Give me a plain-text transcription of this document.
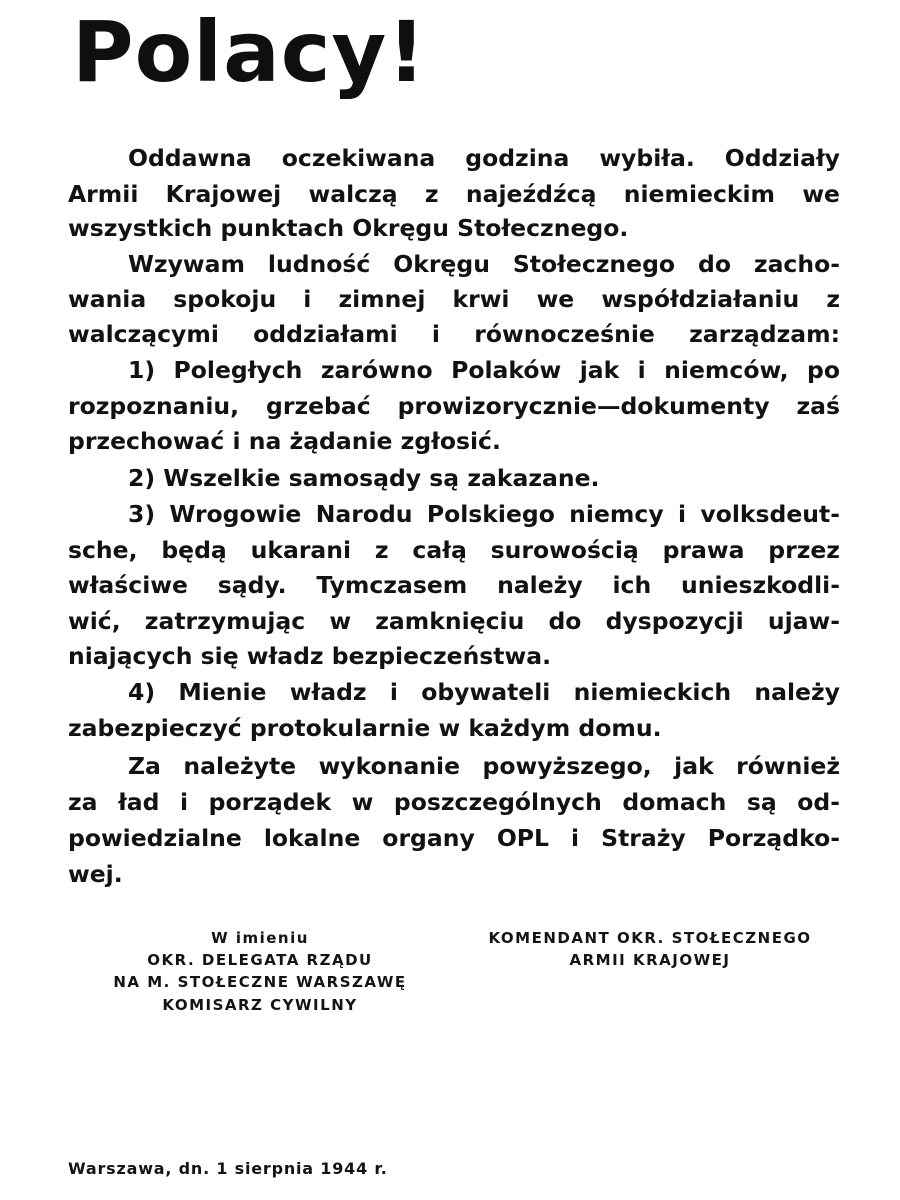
Polacy!
Oddawna oczekiwana godzina wybiła. Oddziały
Armii Krajowej walczą z najeźdźcą niemieckim we
wszystkich punktach Okręgu Stołecznego.
Wzywam ludność Okręgu Stołecznego do zacho-
wania spokoju i zimnej krwi we współdziałaniu z
walczącymi oddziałami i równocześnie zarządzam:
1) Poległych zarówno Polaków jak i niemców, po
rozpoznaniu, grzebać prowizorycznie—dokumenty zaś
przechować i na żądanie zgłosić.
2) Wszelkie samosądy są zakazane.
3) Wrogowie Narodu Polskiego niemcy i volksdeut-
sche, będą ukarani z całą surowością prawa przez
właściwe sądy. Tymczasem należy ich unieszkodli-
wić, zatrzymując w zamknięciu do dyspozycji ujaw-
niających się władz bezpieczeństwa.
4) Mienie władz i obywateli niemieckich należy
zabezpieczyć protokularnie w każdym domu.
Za należyte wykonanie powyższego, jak również
za ład i porządek w poszczególnych domach są od-
powiedzialne lokalne organy OPL i Straży Porządko-
wej.
W imieniu
OKR. DELEGATA RZĄDU
NA M. STOŁECZNE WARSZAWĘ
KOMISARZ CYWILNY
KOMENDANT OKR. STOŁECZNEGO
ARMII KRAJOWEJ
Warszawa, dn. 1 sierpnia 1944 r.
